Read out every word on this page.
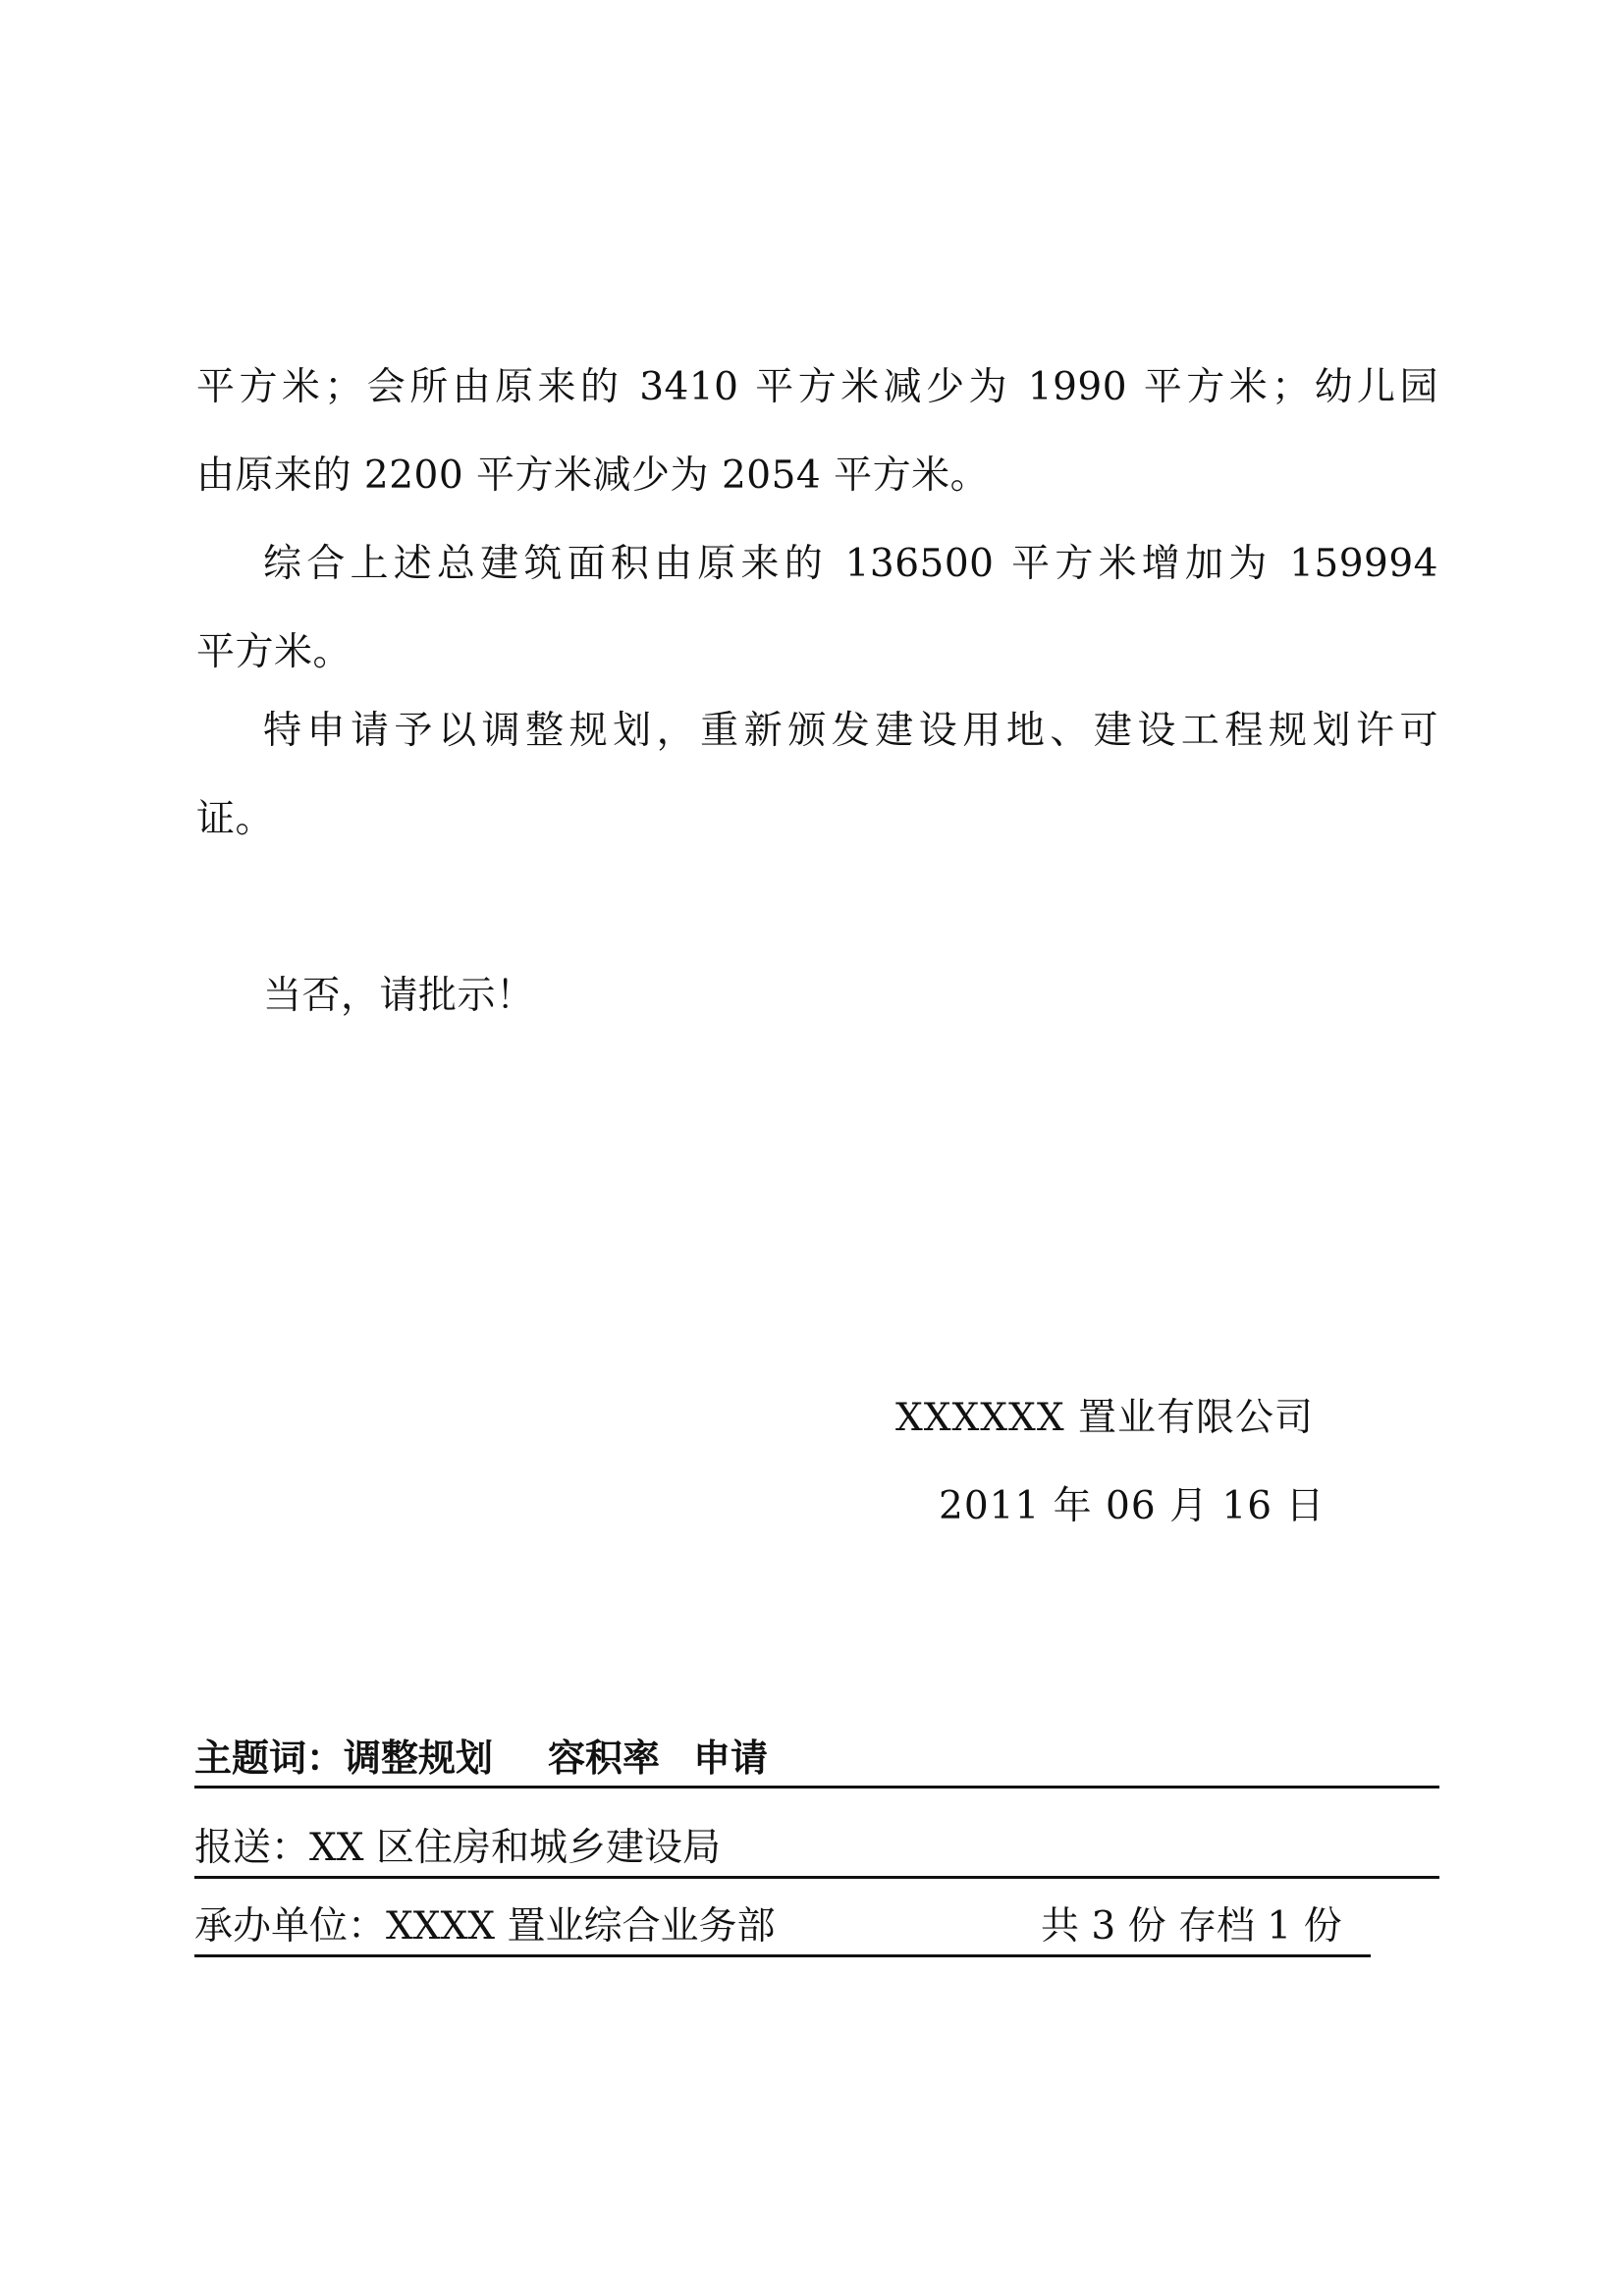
平方米；会所由原来的 3410 平方米减少为 1990 平方米；幼儿园
由原来的 2200 平方米减少为 2054 平方米。
综合上述总建筑面积由原来的 136500 平方米增加为 159994
平方米。
特申请予以调整规划，重新颁发建设用地、建设工程规划许可
证。
当否，请批示！
XXXXXX 置业有限公司
2011 年 06 月 16 日
主题词：调整规划 容积率 申请
报送：XX 区住房和城乡建设局
承办单位：XXXX 置业综合业务部	共 3 份 存档 1 份
